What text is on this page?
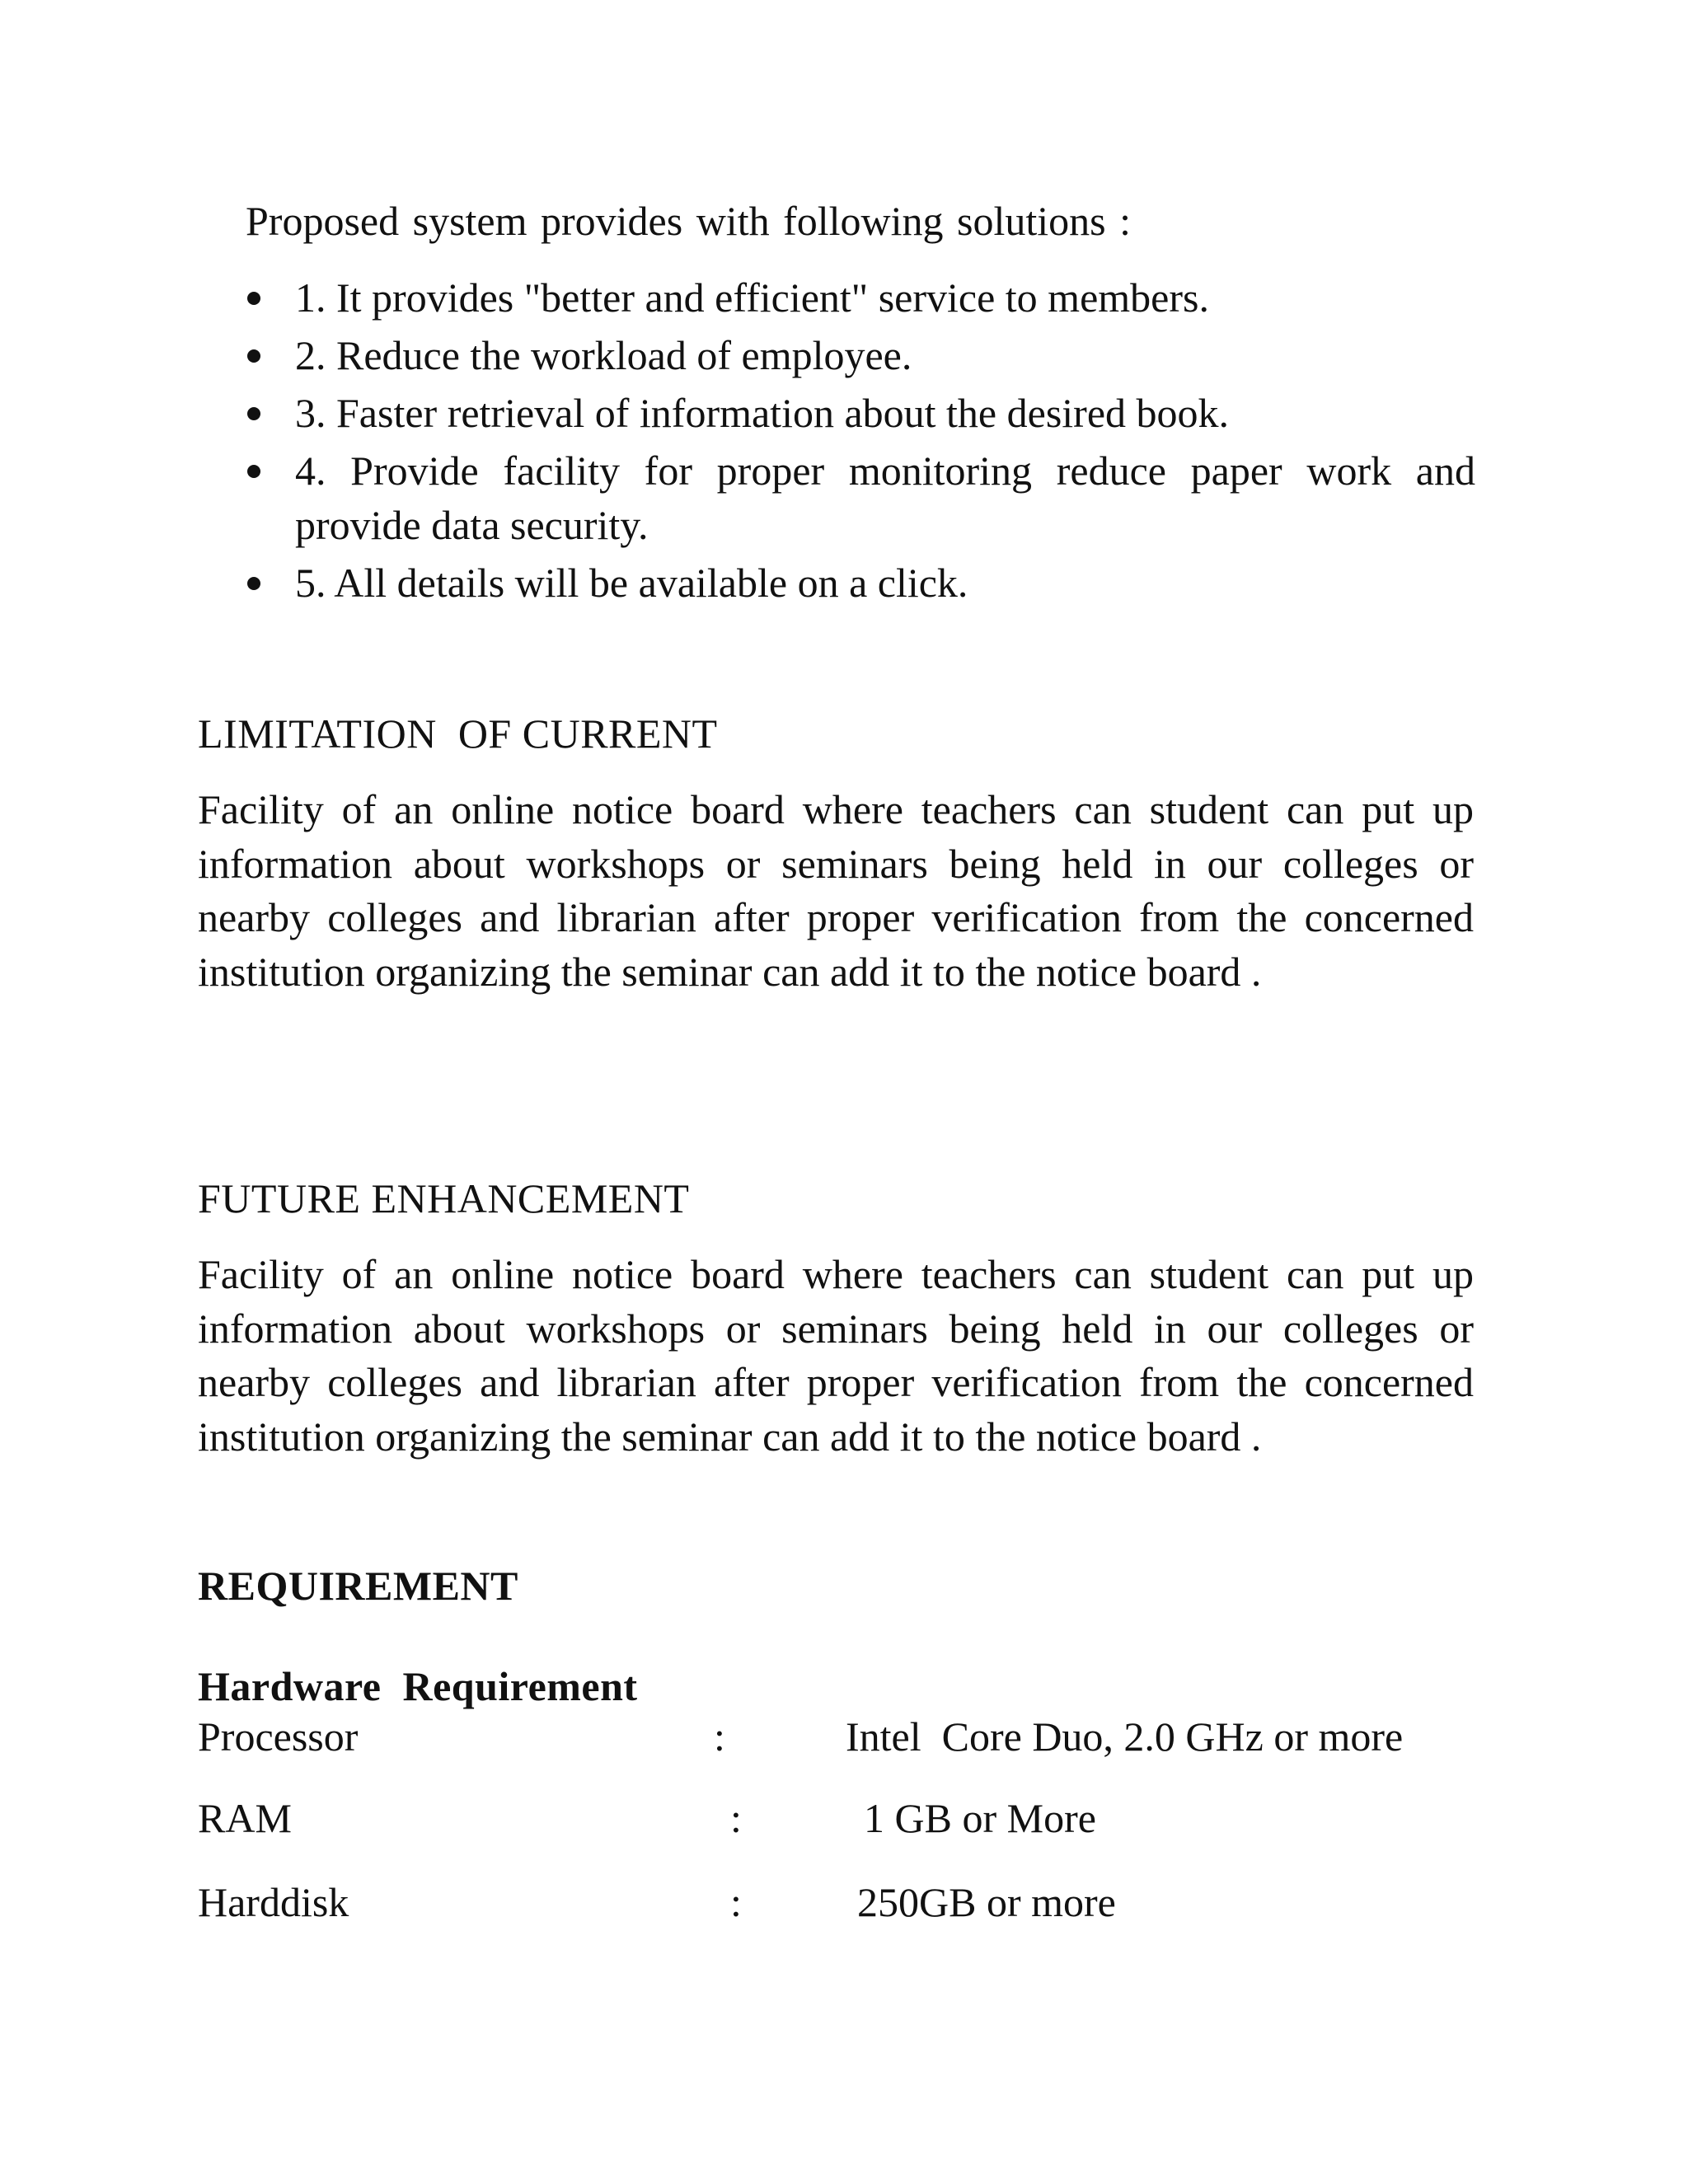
Proposed system provides with following solutions :
1. It provides "better and efficient" service to members.
2. Reduce the workload of employee.
3. Faster retrieval of information about the desired book.
4. Provide facility for proper monitoring reduce paper work and provide data security.
5. All details will be available on a click.
LIMITATION  OF CURRENT
Facility of an online notice board where teachers can student can put up information about workshops or seminars being held in our colleges or nearby colleges and librarian after proper verification from the concerned institution organizing the seminar can add it to the notice board .
FUTURE ENHANCEMENT
Facility of an online notice board where teachers can student can put up information about workshops or seminars being held in our colleges or nearby colleges and librarian after proper verification from the concerned institution organizing the seminar can add it to the notice board .
REQUIREMENT
Hardware  Requirement
Processor	:	Intel  Core Duo, 2.0 GHz or more
RAM	:	1 GB or More
Harddisk	:	250GB or more
